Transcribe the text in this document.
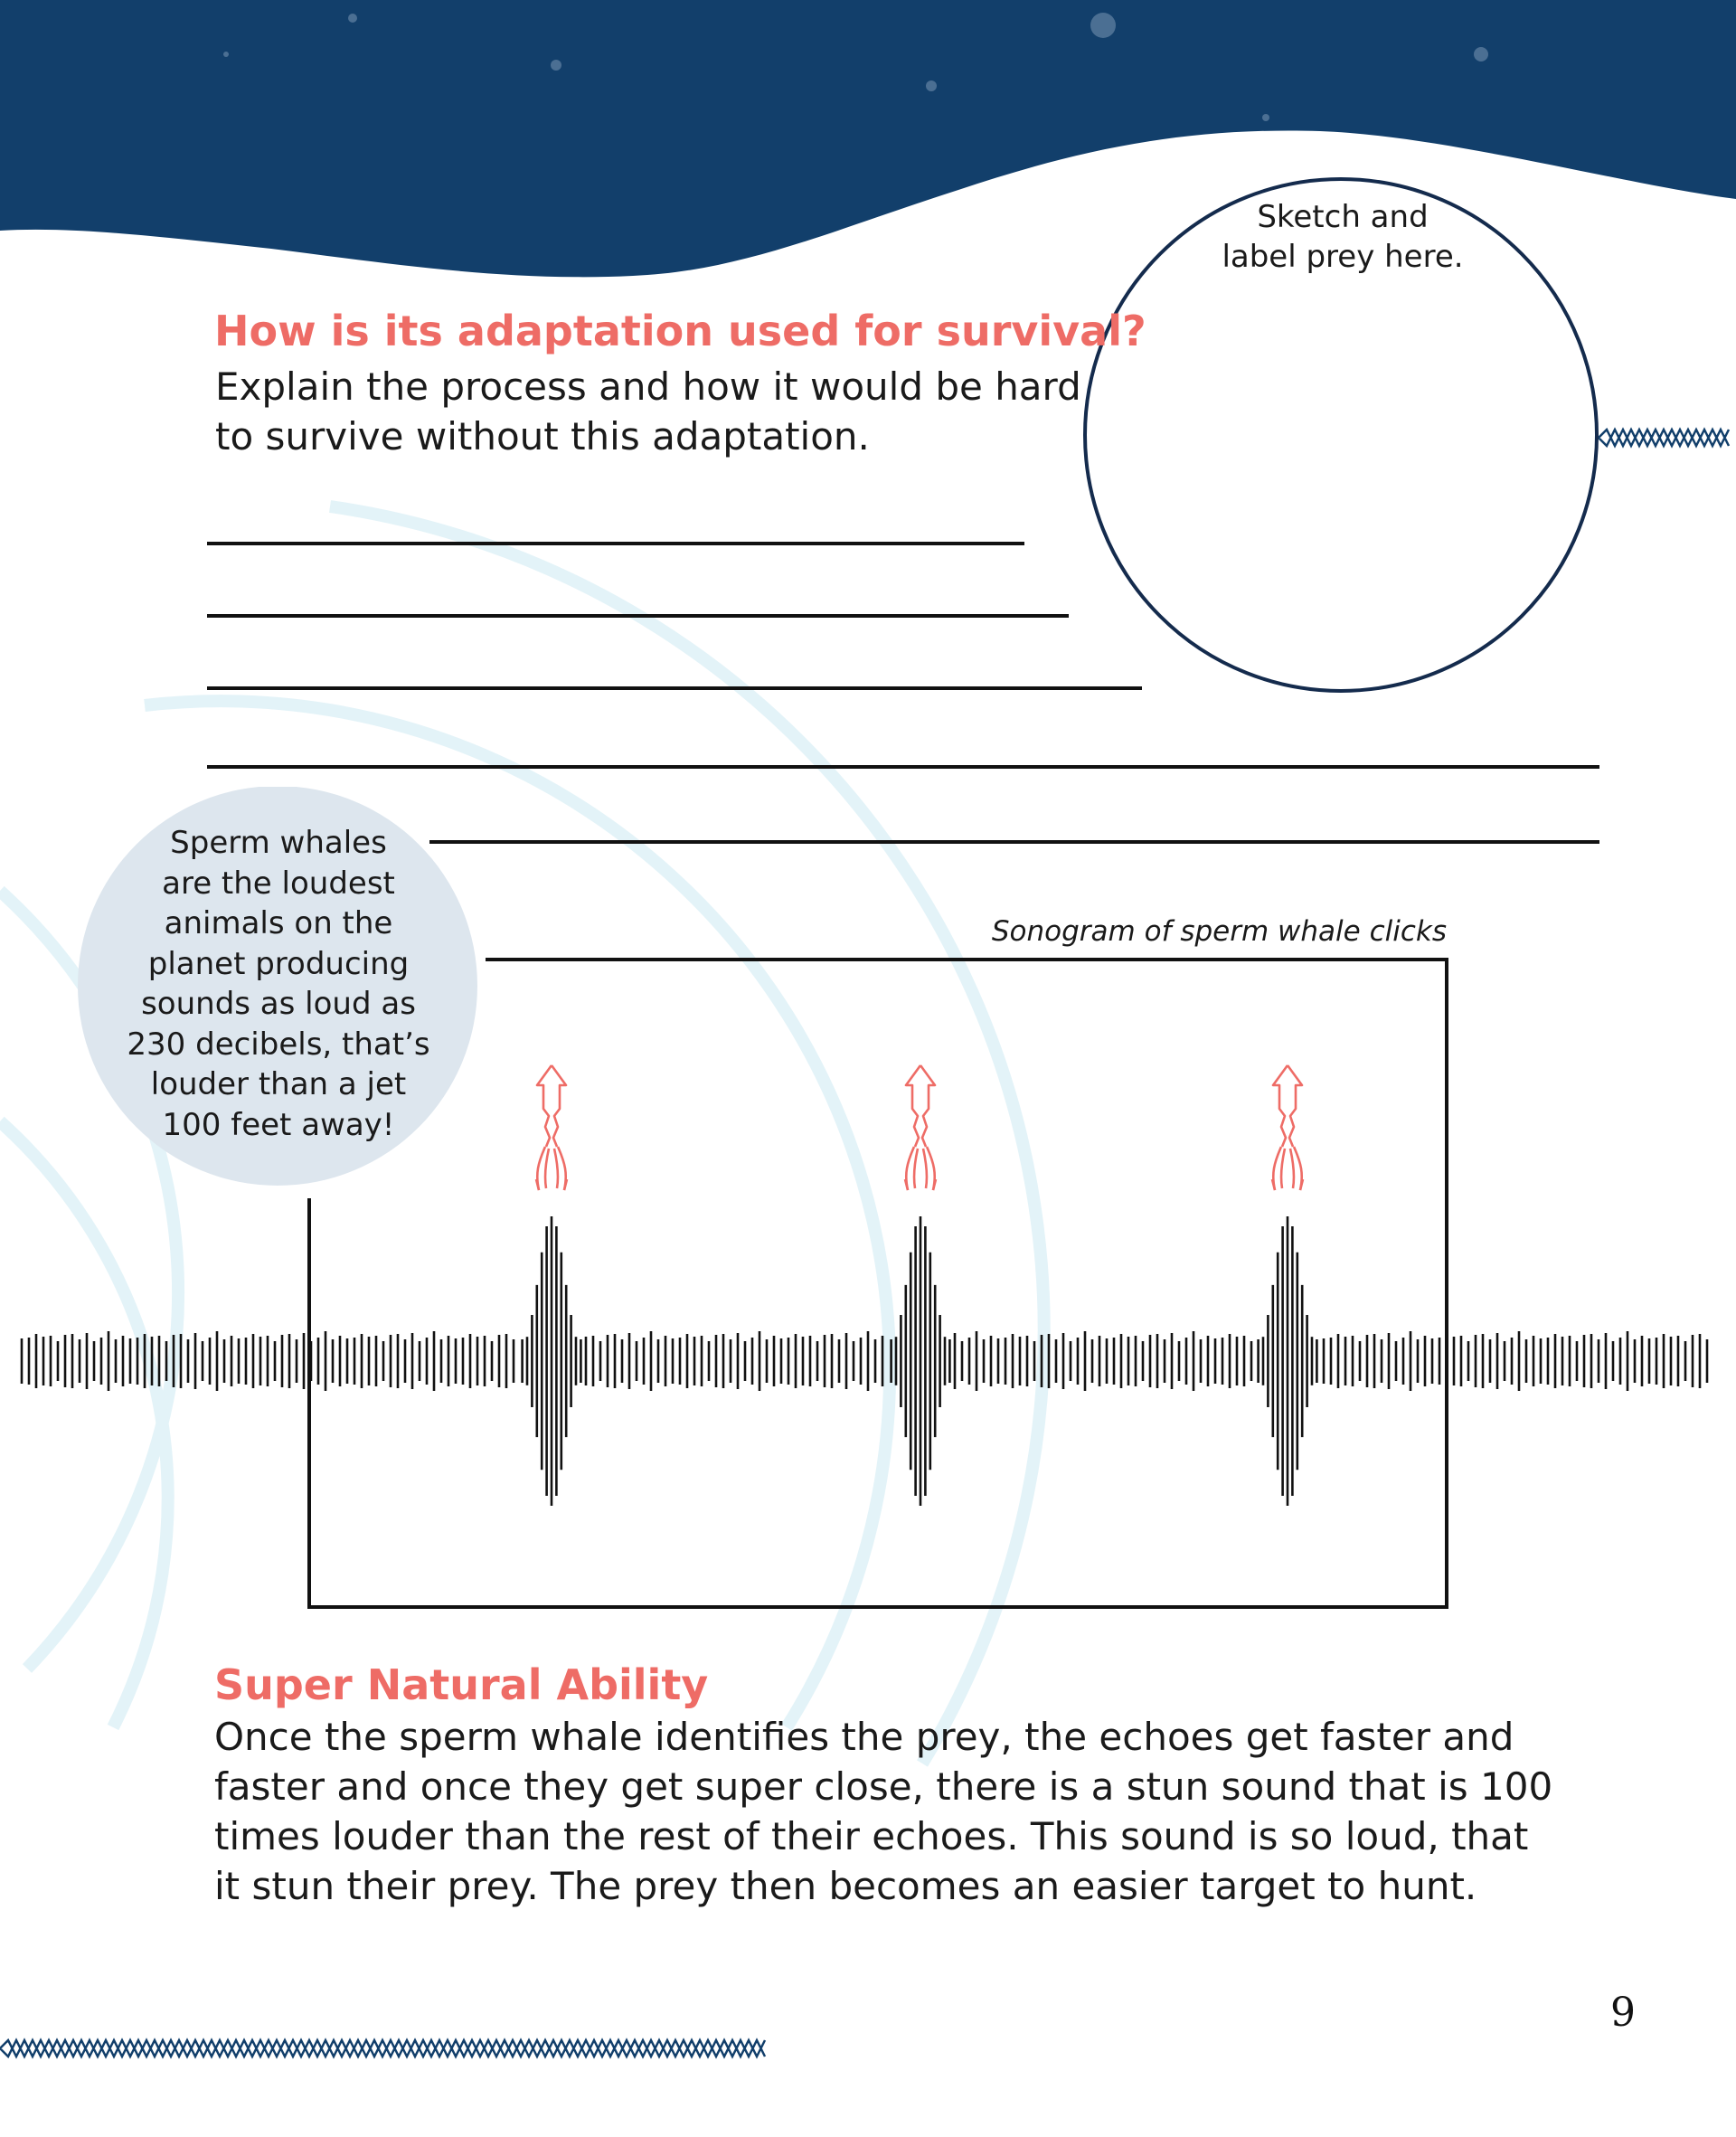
Sketch and
label prey here.
How is its adaptation used for survival?
Explain the process and how it would be hard
to survive without this adaptation.
Sperm whales
are the loudest
animals on the
planet producing
sounds as loud as
230 decibels, that’s
louder than a jet
100 feet away!
Sonogram of sperm whale clicks
Super Natural Ability
Once the sperm whale identifies the prey, the echoes get faster and
faster and once they get super close, there is a stun sound that is 100
times louder than the rest of their echoes. This sound is so loud, that
it stun their prey. The prey then becomes an easier target to hunt.
9
